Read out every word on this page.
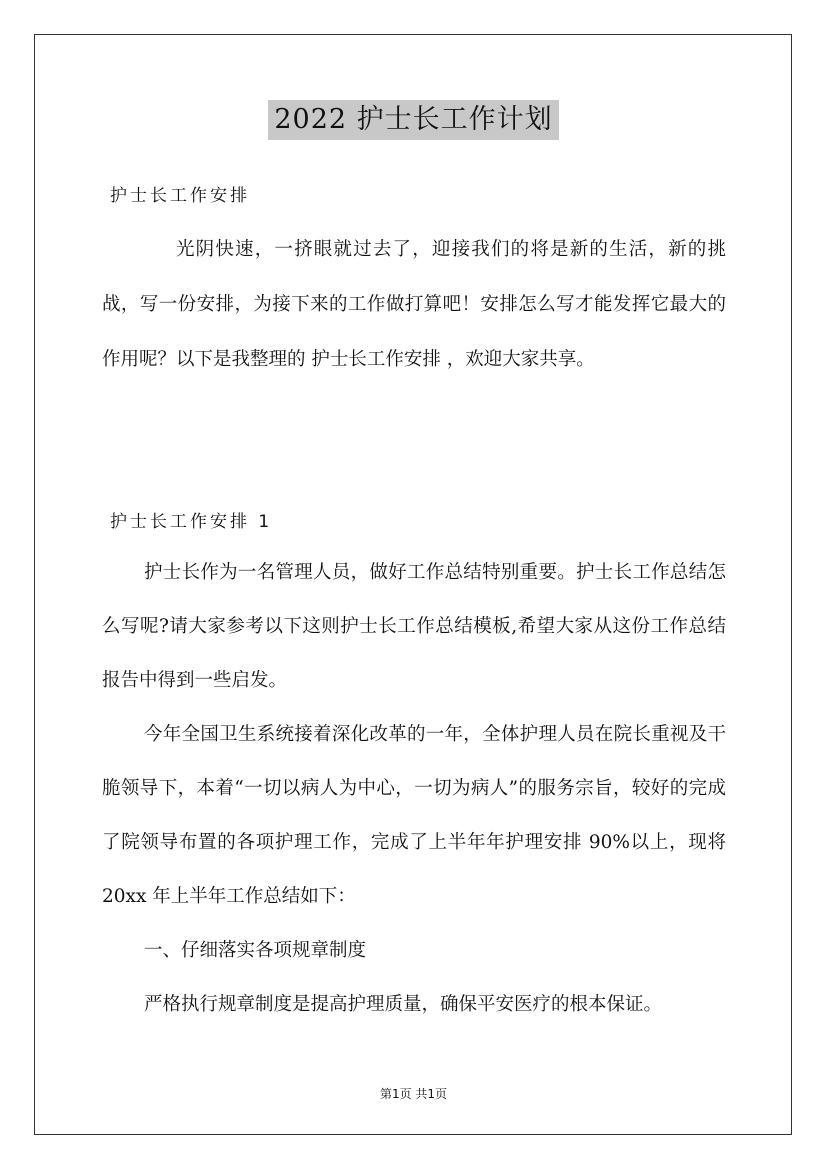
2022 护士长工作计划
护士长工作安排

光阴快速，一挤眼就过去了，迎接我们的将是新的生活，新的挑战，写一份安排，为接下来的工作做打算吧！安排怎么写才能发挥它最大的作用呢？以下是我整理的 护士长工作安排 ，欢迎大家共享。

护士长工作安排 1

护士长作为一名管理人员，做好工作总结特别重要。护士长工作总结怎么写呢?请大家参考以下这则护士长工作总结模板,希望大家从这份工作总结报告中得到一些启发。

今年全国卫生系统接着深化改革的一年，全体护理人员在院长重视及干脆领导下，本着“一切以病人为中心，一切为病人”的服务宗旨，较好的完成了院领导布置的各项护理工作，完成了上半年年护理安排 90%以上，现将 20xx 年上半年工作总结如下：

一、仔细落实各项规章制度

严格执行规章制度是提高护理质量，确保平安医疗的根本保证。

第1页 共1页
